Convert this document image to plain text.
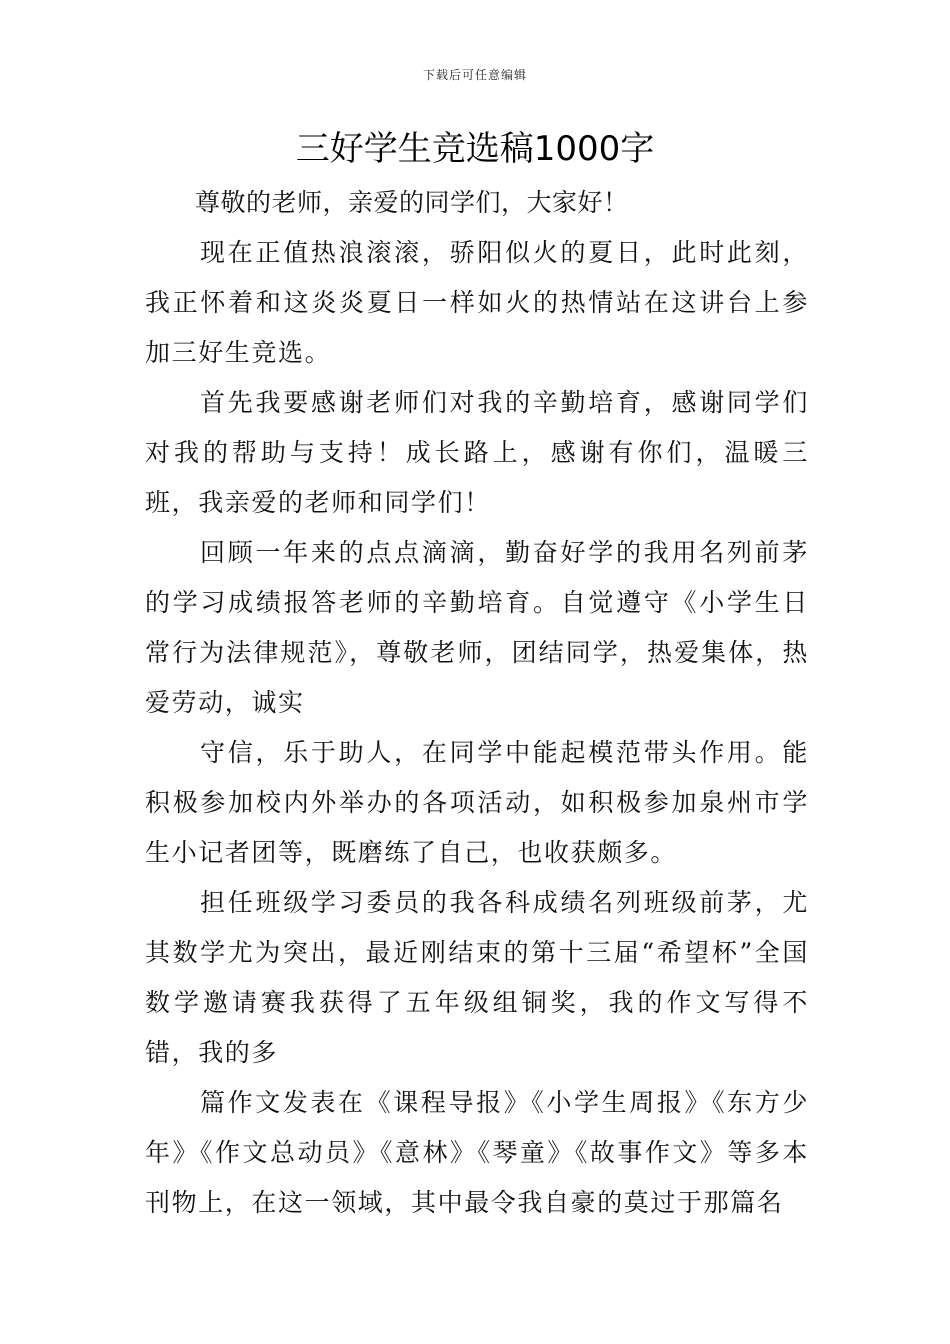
下载后可任意编辑
三好学生竞选稿1000字

尊敬的老师，亲爱的同学们，大家好！

现在正值热浪滚滚，骄阳似火的夏日，此时此刻，我正怀着和这炎炎夏日一样如火的热情站在这讲台上参加三好生竞选。

首先我要感谢老师们对我的辛勤培育，感谢同学们对我的帮助与支持！成长路上，感谢有你们，温暖三班，我亲爱的老师和同学们！

回顾一年来的点点滴滴，勤奋好学的我用名列前茅的学习成绩报答老师的辛勤培育。自觉遵守《小学生日常行为法律规范》，尊敬老师，团结同学，热爱集体，热爱劳动，诚实

守信，乐于助人，在同学中能起模范带头作用。能积极参加校内外举办的各项活动，如积极参加泉州市学生小记者团等，既磨练了自己，也收获颇多。

担任班级学习委员的我各科成绩名列班级前茅，尤其数学尤为突出，最近刚结束的第十三届“希望杯”全国数学邀请赛我获得了五年级组铜奖，我的作文写得不错，我的多

篇作文发表在《课程导报》《小学生周报》《东方少年》《作文总动员》《意林》《琴童》《故事作文》等多本刊物上，在这一领域，其中最令我自豪的莫过于那篇名
